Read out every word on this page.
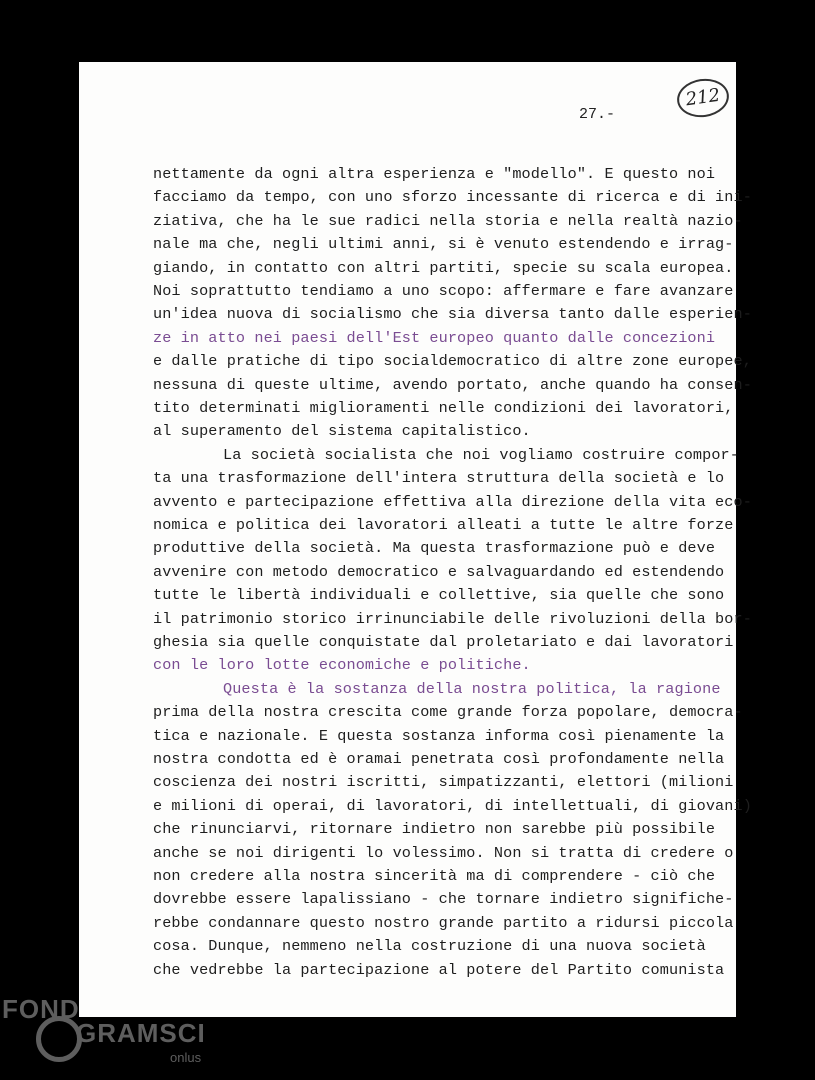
212
27.-
nettamente da ogni altra esperienza e "modello". E questo noi
facciamo da tempo, con uno sforzo incessante di ricerca e di ini-
ziativa, che ha le sue radici nella storia e nella realtà nazio-
nale ma che, negli ultimi anni, si è venuto estendendo e irrag-
giando, in contatto con altri partiti, specie su scala europea.
Noi soprattutto tendiamo a uno scopo: affermare e fare avanzare
un'idea nuova di socialismo che sia diversa tanto dalle esperien-
ze in atto nei paesi dell'Est europeo quanto dalle concezioni
e dalle pratiche di tipo socialdemocratico di altre zone europee,
nessuna di queste ultime, avendo portato, anche quando ha consen-
tito determinati miglioramenti nelle condizioni dei lavoratori,
al superamento del sistema capitalistico.
La società socialista che noi vogliamo costruire compor-
ta una trasformazione dell'intera struttura della società e lo
avvento e partecipazione effettiva alla direzione della vita eco-
nomica e politica dei lavoratori alleati a tutte le altre forze
produttive della società. Ma questa trasformazione può e deve
avvenire con metodo democratico e salvaguardando ed estendendo
tutte le libertà individuali e collettive, sia quelle che sono
il patrimonio storico irrinunciabile delle rivoluzioni della bor-
ghesia sia quelle conquistate dal proletariato e dai lavoratori
con le loro lotte economiche e politiche.
Questa è la sostanza della nostra politica, la ragione
prima della nostra crescita come grande forza popolare, democra-
tica e nazionale. E questa sostanza informa così pienamente la
nostra condotta ed è oramai penetrata così profondamente nella
coscienza dei nostri iscritti, simpatizzanti, elettori (milioni
e milioni di operai, di lavoratori, di intellettuali, di giovani)
che rinunciarvi, ritornare indietro non sarebbe più possibile
anche se noi dirigenti lo volessimo. Non si tratta di credere o
non credere alla nostra sincerità ma di comprendere - ciò che
dovrebbe essere lapalissiano - che tornare indietro significhe-
rebbe condannare questo nostro grande partito a ridursi piccola
cosa. Dunque, nemmeno nella costruzione di una nuova società
che vedrebbe la partecipazione al potere del Partito comunista
FOND
GRAMSCI
onlus
